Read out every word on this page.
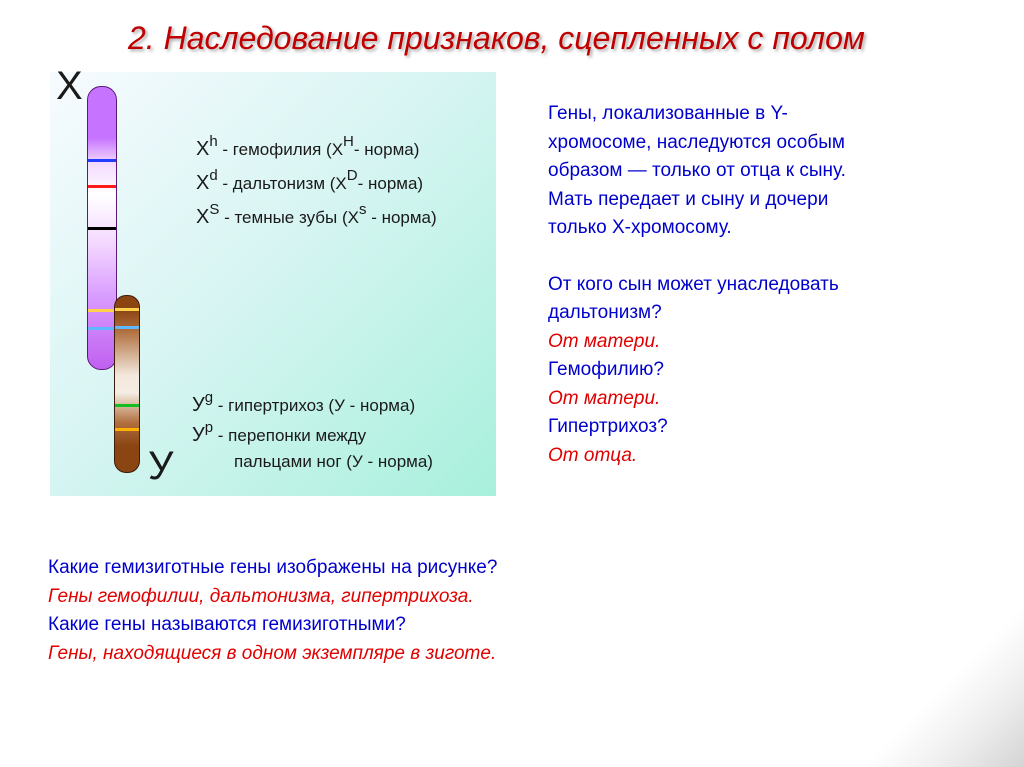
2. Наследование признаков, сцепленных с полом
X
У
$X^h$ - гемофилия ($X^H-$ норма)
$X^d$ - дальтонизм ($X^D-$ норма)
$X^S$ - темные зубы ($X^s$ - норма)
$У^g$ - гипертрихоз (У - норма)
$У^p$ - перепонки между
пальцами ног (У - норма)

Гены, локализованные в Y-

хромосоме, наследуются особым

образом — только от отца к сыну.

Мать передает и сыну и дочери

только Х-хромосому.

От кого сын может унаследовать

дальтонизм?

От матери.

Гемофилию?

От матери.

Гипертрихоз?

От отца.

Какие гемизиготные гены изображены на рисунке?

Гены гемофилии, дальтонизма, гипертрихоза.

Какие гены называются гемизиготными?

Гены, находящиеся в одном экземпляре в зиготе.
